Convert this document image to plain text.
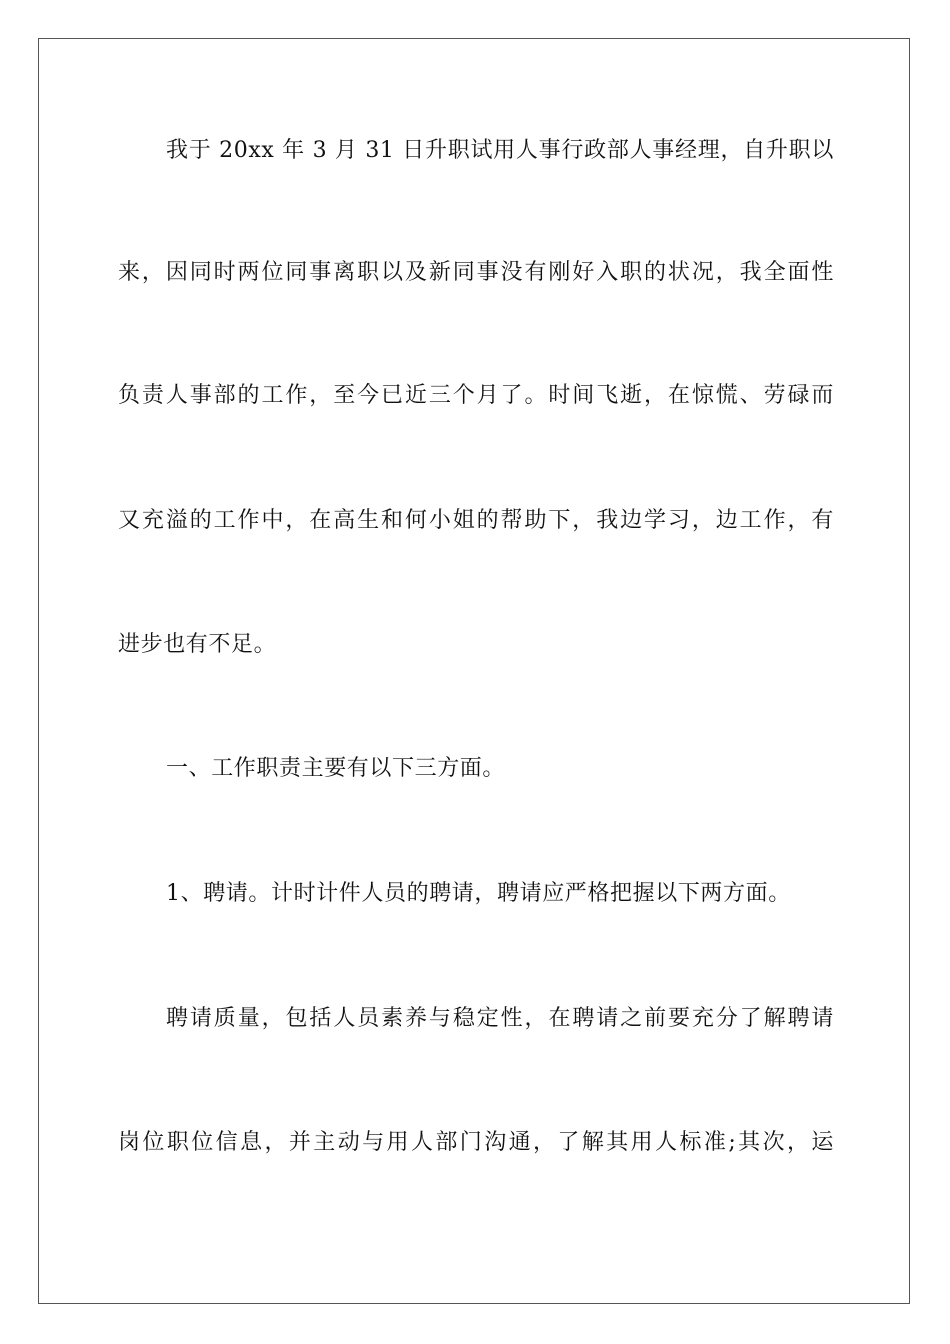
我于 20xx 年 3 月 31 日升职试用人事行政部人事经理，自升职以
来，因同时两位同事离职以及新同事没有刚好入职的状况，我全面性
负责人事部的工作，至今已近三个月了。时间飞逝，在惊慌、劳碌而
又充溢的工作中，在高生和何小姐的帮助下，我边学习，边工作，有
进步也有不足。
一、工作职责主要有以下三方面。
1、聘请。计时计件人员的聘请，聘请应严格把握以下两方面。
聘请质量，包括人员素养与稳定性，在聘请之前要充分了解聘请
岗位职位信息，并主动与用人部门沟通，了解其用人标准;其次，运
